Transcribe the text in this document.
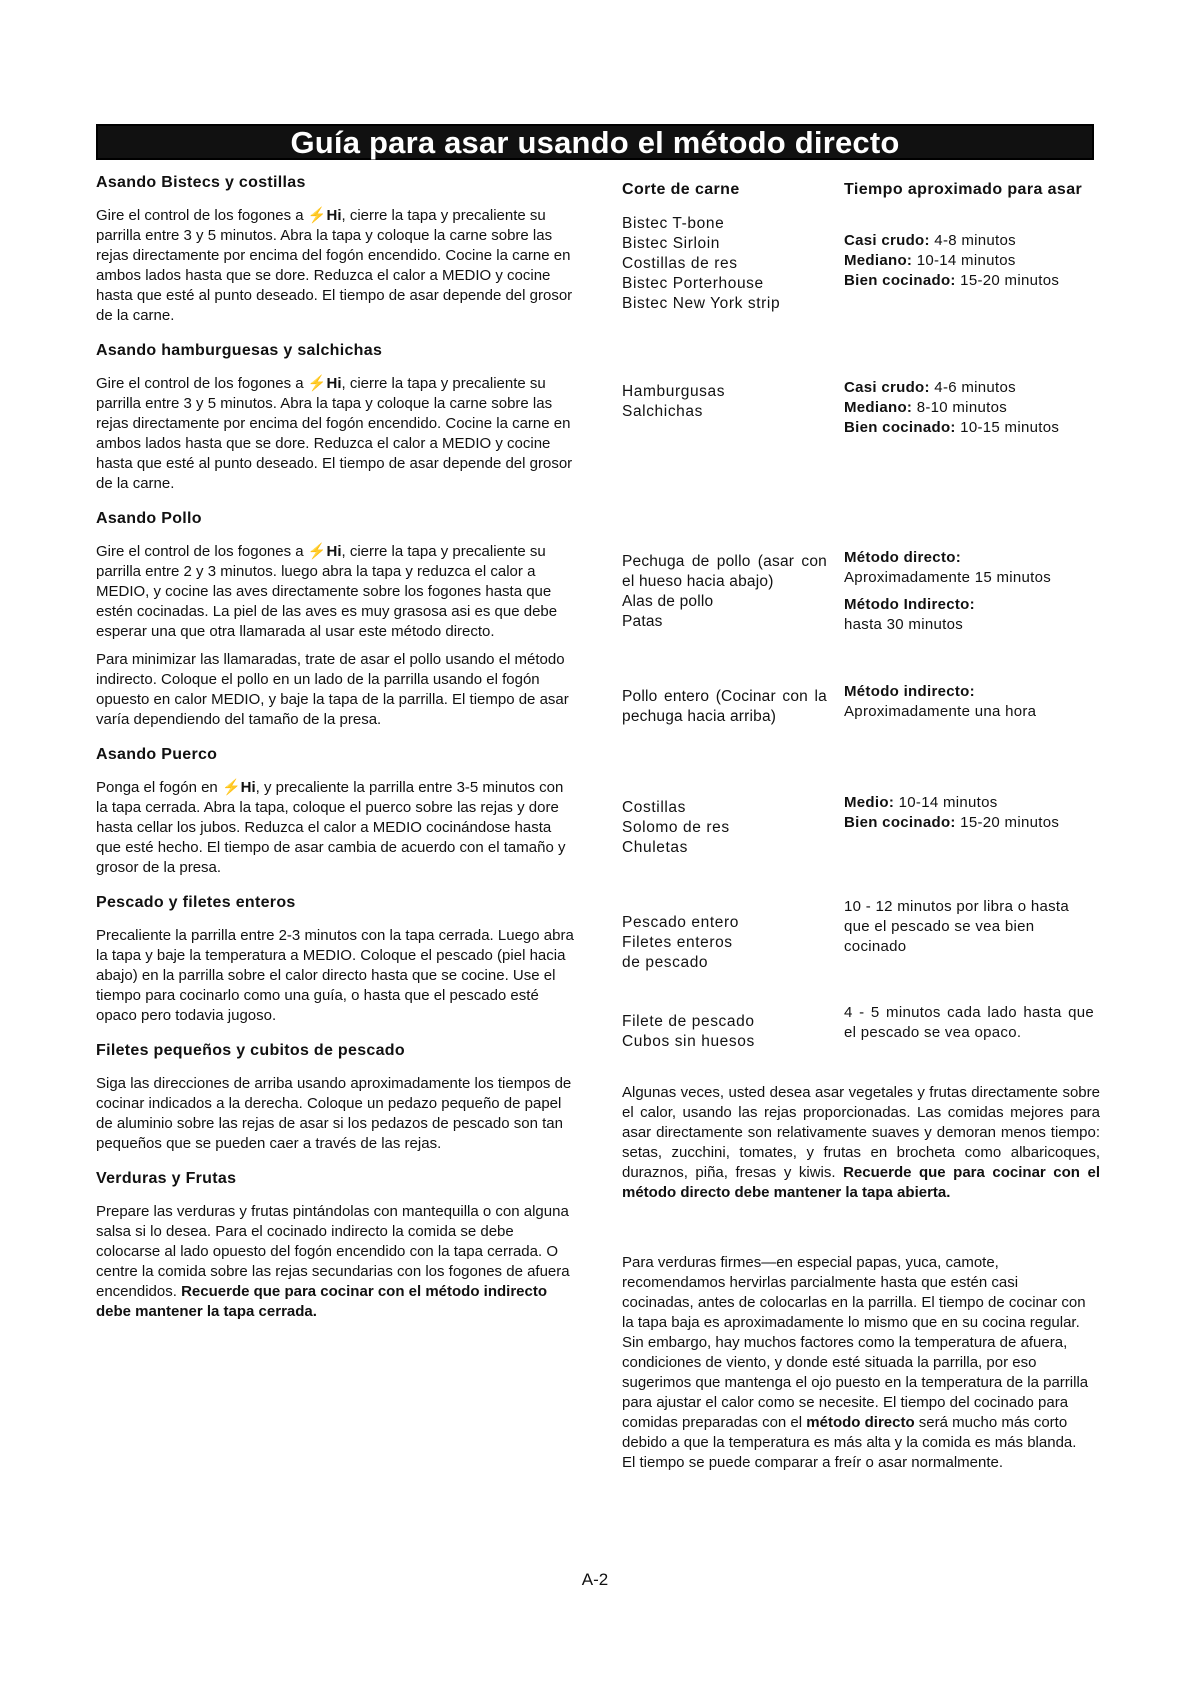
Guía para asar usando el método directo
Asando Bistecs y costillas

Gire el control de los fogones a ⚡Hi, cierre la tapa y precaliente su parrilla entre 3 y 5 minutos. Abra la tapa y coloque la carne sobre las rejas directamente por encima del fogón encendido. Cocine la carne en ambos lados hasta que se dore. Reduzca el calor a MEDIO y cocine hasta que esté al punto deseado. El tiempo de asar depende del grosor de la carne.

Asando hamburguesas y salchichas

Gire el control de los fogones a ⚡Hi, cierre la tapa y precaliente su parrilla entre 3 y 5 minutos. Abra la tapa y coloque la carne sobre las rejas directamente por encima del fogón encendido. Cocine la carne en ambos lados hasta que se dore. Reduzca el calor a MEDIO y cocine hasta que esté al punto deseado. El tiempo de asar depende del grosor de la carne.

Asando Pollo

Gire el control de los fogones a ⚡Hi, cierre la tapa y precaliente su parrilla entre 2 y 3 minutos. luego abra la tapa y reduzca el calor a MEDIO, y cocine las aves directamente sobre los fogones hasta que estén cocinadas. La piel de las aves es muy grasosa asi es que debe esperar una que otra llamarada al usar este método directo.

Para minimizar las llamaradas, trate de asar el pollo usando el método indirecto. Coloque el pollo en un lado de la parrilla usando el fogón opuesto en calor MEDIO, y baje la tapa de la parrilla. El tiempo de asar varía dependiendo del tamaño de la presa.

Asando Puerco

Ponga el fogón en ⚡Hi, y precaliente la parrilla entre 3-5 minutos con la tapa cerrada. Abra la tapa, coloque el puerco sobre las rejas y dore hasta cellar los jubos. Reduzca el calor a MEDIO cocinándose hasta que esté hecho. El tiempo de asar cambia de acuerdo con el tamaño y grosor de la presa.

Pescado y filetes enteros

Precaliente la parrilla entre 2-3 minutos con la tapa cerrada. Luego abra la tapa y baje la temperatura a MEDIO. Coloque el pescado (piel hacia abajo) en la parrilla sobre el calor directo hasta que se cocine. Use el tiempo para cocinarlo como una guía, o hasta que el pescado esté opaco pero todavia jugoso.

Filetes pequeños y cubitos de pescado

Siga las direcciones de arriba usando aproximadamente los tiempos de cocinar indicados a la derecha. Coloque un pedazo pequeño de papel de aluminio sobre las rejas de asar si los pedazos de pescado son tan pequeños que se pueden caer a través de las rejas.

Verduras y Frutas

Prepare las verduras y frutas pintándolas con mantequilla o con alguna salsa si lo desea. Para el cocinado indirecto la comida se debe colocarse al lado opuesto del fogón encendido con la tapa cerrada. O centre la comida sobre las rejas secundarias con los fogones de afuera encendidos. Recuerde que para cocinar con el método indirecto debe mantener la tapa cerrada.

Corte de carne	Tiempo aproximado para asar
Bistec T-bone
Bistec Sirloin
Costillas de res
Bistec Porterhouse
Bistec New York strip
Casi crudo: 4-8 minutos
Mediano: 10-14 minutos
Bien cocinado: 15-20 minutos
Hamburgusas
Salchichas
Casi crudo: 4-6 minutos
Mediano: 8-10 minutos
Bien cocinado: 10-15 minutos
Pechuga de pollo (asar con el hueso hacia abajo)
Alas de pollo
Patas
Método directo:
Aproximadamente 15 minutos
Método Indirecto:
hasta 30 minutos
Pollo entero (Cocinar con la pechuga hacia arriba)
Método indirecto:
Aproximadamente una hora
Costillas
Solomo de res
Chuletas
Medio: 10-14 minutos
Bien cocinado: 15-20 minutos
Pescado entero
Filetes enteros
de pescado
10 - 12 minutos por libra o hasta que el pescado se vea bien cocinado
Filete de pescado
Cubos sin huesos
4 - 5 minutos cada lado hasta que el pescado se vea opaco.

Algunas veces, usted desea asar vegetales y frutas directamente sobre el calor, usando las rejas proporcionadas. Las comidas mejores para asar directamente son relativamente suaves y demoran menos tiempo: setas, zucchini, tomates, y frutas en brocheta como albaricoques, duraznos, piña, fresas y kiwis. Recuerde que para cocinar con el método directo debe mantener la tapa abierta.

Para verduras firmes—en especial papas, yuca, camote, recomendamos hervirlas parcialmente hasta que estén casi cocinadas, antes de colocarlas en la parrilla. El tiempo de cocinar con la tapa baja es aproximadamente lo mismo que en su cocina regular. Sin embargo, hay muchos factores como la temperatura de afuera, condiciones de viento, y donde esté situada la parrilla, por eso sugerimos que mantenga el ojo puesto en la temperatura de la parrilla para ajustar el calor como se necesite. El tiempo del cocinado para comidas preparadas con el método directo será mucho más corto debido a que la temperatura es más alta y la comida es más blanda. El tiempo se puede comparar a freír o asar normalmente.

A-2
